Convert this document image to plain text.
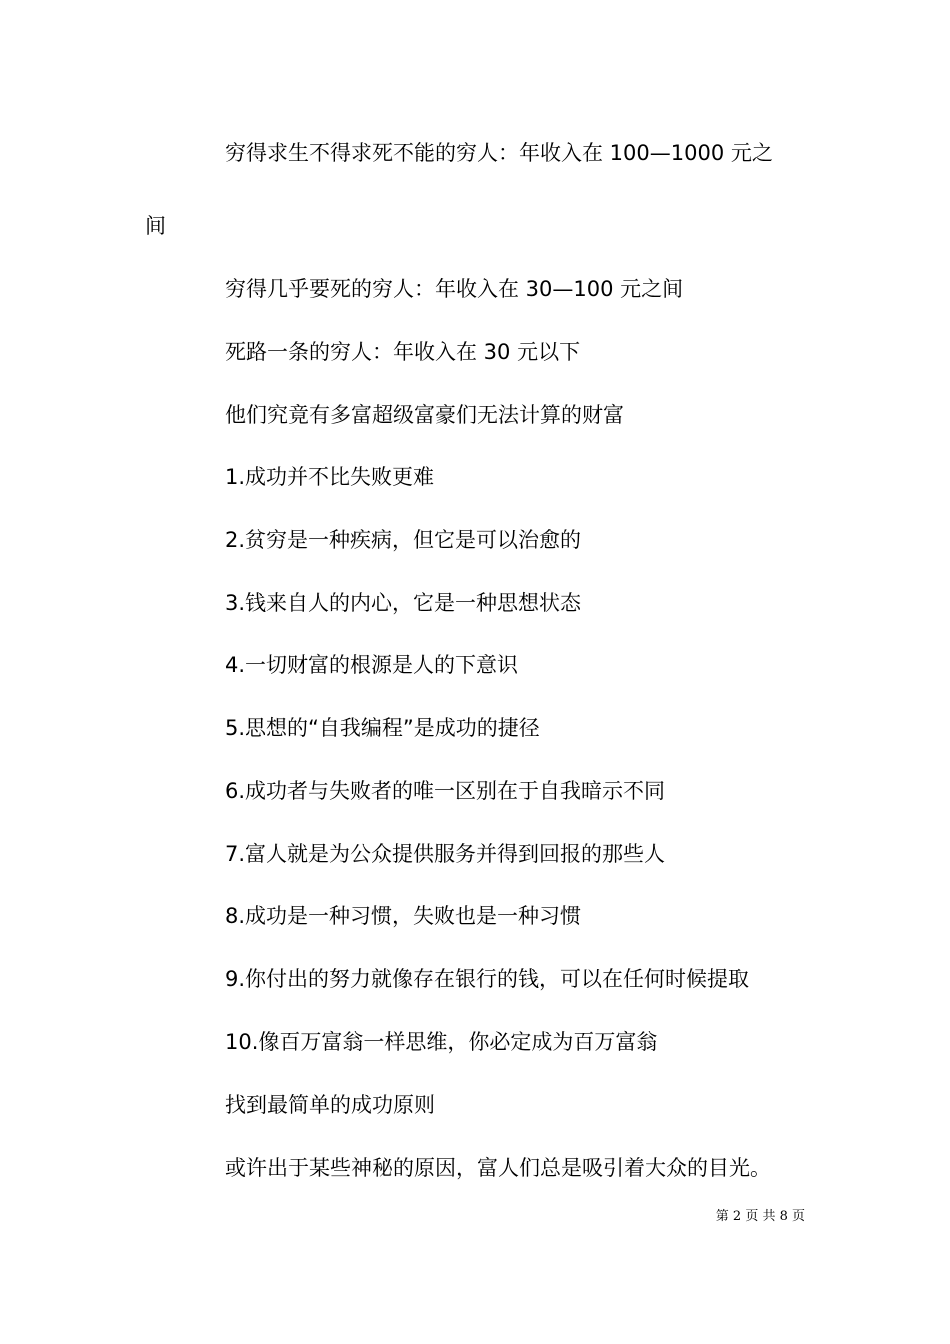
穷得求生不得求死不能的穷人：年收入在 100—1000 元之
间
穷得几乎要死的穷人：年收入在 30—100 元之间
死路一条的穷人：年收入在 30 元以下
他们究竟有多富超级富豪们无法计算的财富
1.成功并不比失败更难
2.贫穷是一种疾病，但它是可以治愈的
3.钱来自人的内心，它是一种思想状态
4.一切财富的根源是人的下意识
5.思想的“自我编程”是成功的捷径
6.成功者与失败者的唯一区别在于自我暗示不同
7.富人就是为公众提供服务并得到回报的那些人
8.成功是一种习惯，失败也是一种习惯
9.你付出的努力就像存在银行的钱，可以在任何时候提取
10.像百万富翁一样思维，你必定成为百万富翁
找到最简单的成功原则
或许出于某些神秘的原因，富人们总是吸引着大众的目光。
第 2 页 共 8 页
